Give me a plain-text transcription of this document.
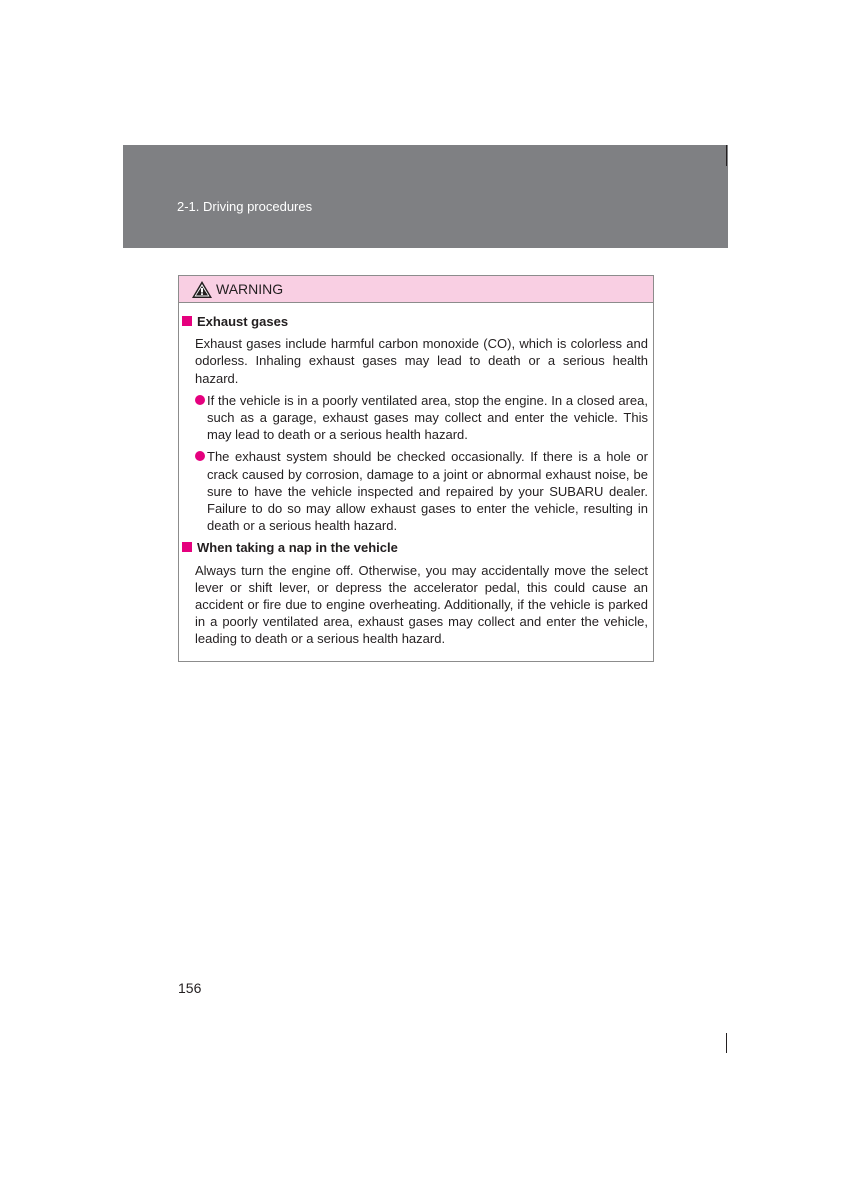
2-1. Driving procedures
WARNING
Exhaust gases
Exhaust gases include harmful carbon monoxide (CO), which is colorless and odorless. Inhaling exhaust gases may lead to death or a serious health hazard.
If the vehicle is in a poorly ventilated area, stop the engine. In a closed area, such as a garage, exhaust gases may collect and enter the vehicle. This may lead to death or a serious health hazard.
The exhaust system should be checked occasionally. If there is a hole or crack caused by corrosion, damage to a joint or abnormal exhaust noise, be sure to have the vehicle inspected and repaired by your SUBARU dealer. Failure to do so may allow exhaust gases to enter the vehicle, resulting in death or a serious health hazard.
When taking a nap in the vehicle
Always turn the engine off. Otherwise, you may accidentally move the select lever or shift lever, or depress the accelerator pedal, this could cause an accident or fire due to engine overheating. Additionally, if the vehicle is parked in a poorly ventilated area, exhaust gases may collect and enter the vehicle, leading to death or a serious health hazard.
156
